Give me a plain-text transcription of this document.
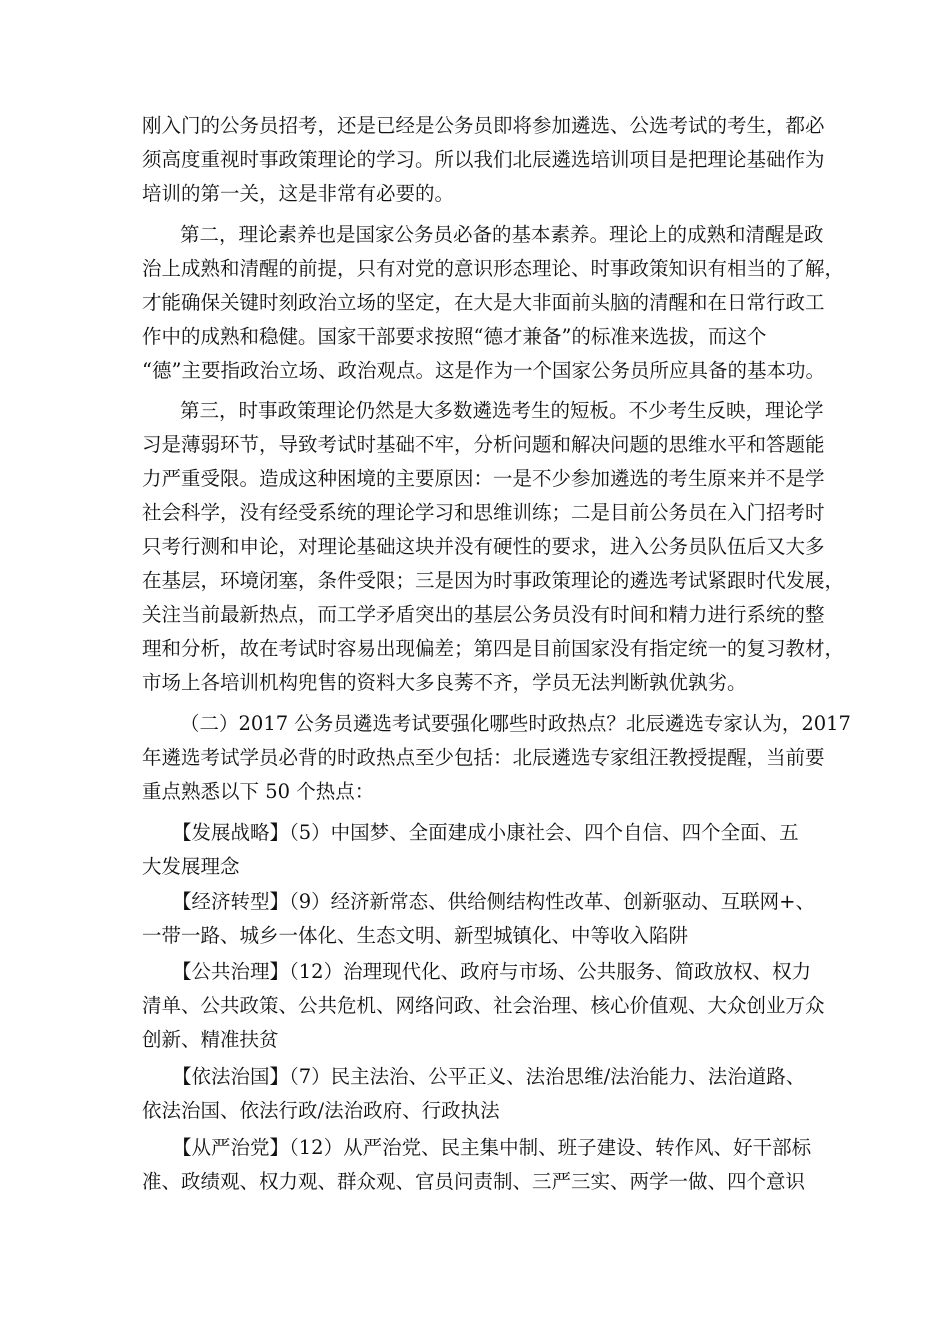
刚入门的公务员招考，还是已经是公务员即将参加遴选、公选考试的考生，都必
须高度重视时事政策理论的学习。所以我们北辰遴选培训项目是把理论基础作为
培训的第一关，这是非常有必要的。
第二，理论素养也是国家公务员必备的基本素养。理论上的成熟和清醒是政
治上成熟和清醒的前提，只有对党的意识形态理论、时事政策知识有相当的了解，
才能确保关键时刻政治立场的坚定，在大是大非面前头脑的清醒和在日常行政工
作中的成熟和稳健。国家干部要求按照“德才兼备”的标准来选拔，而这个
“德”主要指政治立场、政治观点。这是作为一个国家公务员所应具备的基本功。
第三，时事政策理论仍然是大多数遴选考生的短板。不少考生反映，理论学
习是薄弱环节，导致考试时基础不牢，分析问题和解决问题的思维水平和答题能
力严重受限。造成这种困境的主要原因：一是不少参加遴选的考生原来并不是学
社会科学，没有经受系统的理论学习和思维训练；二是目前公务员在入门招考时
只考行测和申论，对理论基础这块并没有硬性的要求，进入公务员队伍后又大多
在基层，环境闭塞，条件受限；三是因为时事政策理论的遴选考试紧跟时代发展，
关注当前最新热点，而工学矛盾突出的基层公务员没有时间和精力进行系统的整
理和分析，故在考试时容易出现偏差；第四是目前国家没有指定统一的复习教材，
市场上各培训机构兜售的资料大多良莠不齐，学员无法判断孰优孰劣。
（二）2017 公务员遴选考试要强化哪些时政热点？北辰遴选专家认为，2017
年遴选考试学员必背的时政热点至少包括：北辰遴选专家组汪教授提醒，当前要
重点熟悉以下 50 个热点：
【发展战略】（5）中国梦、全面建成小康社会、四个自信、四个全面、五
大发展理念
【经济转型】（9）经济新常态、供给侧结构性改革、创新驱动、互联网+、
一带一路、城乡一体化、生态文明、新型城镇化、中等收入陷阱
【公共治理】（12）治理现代化、政府与市场、公共服务、简政放权、权力
清单、公共政策、公共危机、网络问政、社会治理、核心价值观、大众创业万众
创新、精准扶贫
【依法治国】（7）民主法治、公平正义、法治思维/法治能力、法治道路、
依法治国、依法行政/法治政府、行政执法
【从严治党】（12）从严治党、民主集中制、班子建设、转作风、好干部标
准、政绩观、权力观、群众观、官员问责制、三严三实、两学一做、四个意识
